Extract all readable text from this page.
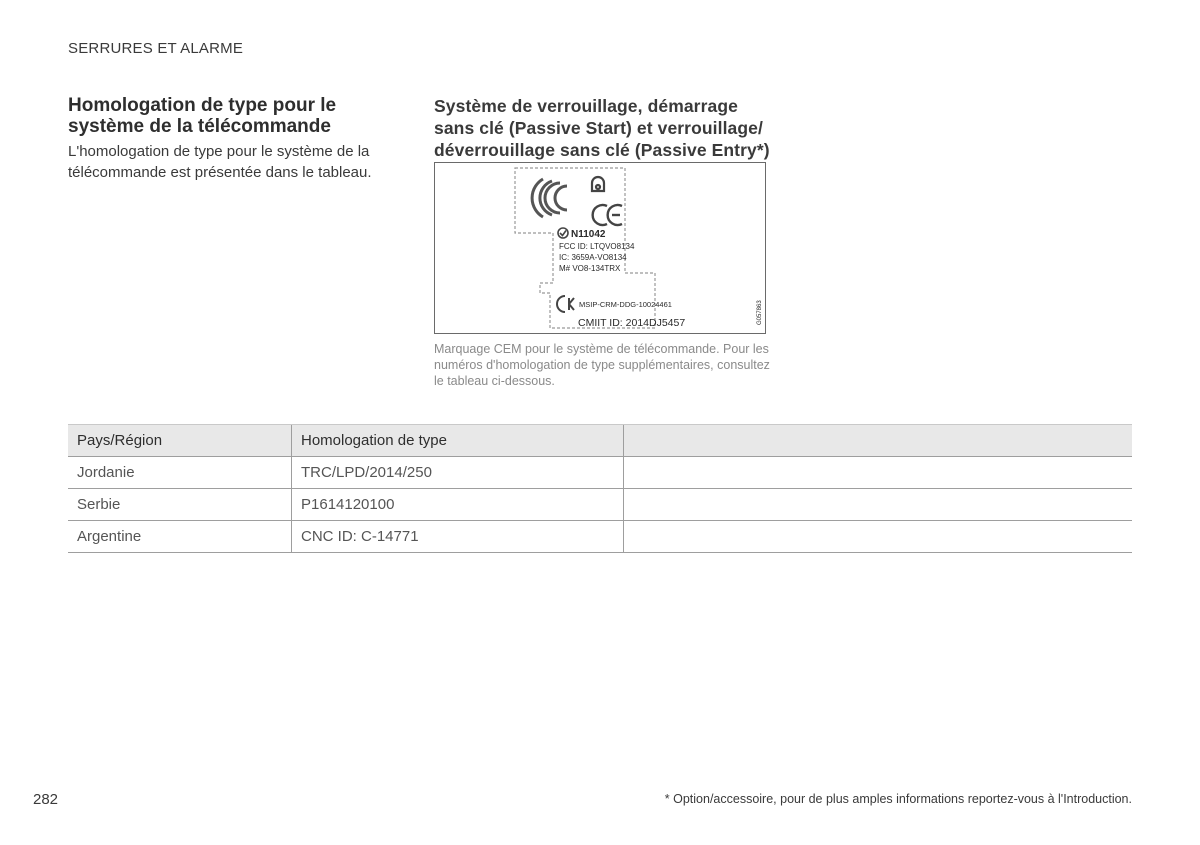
SERRURES ET ALARME
Homologation de type pour le système de la télécommande
L'homologation de type pour le système de la télécommande est présentée dans le tableau.
Système de verrouillage, démarrage sans clé (Passive Start) et verrouillage/ déverrouillage sans clé (Passive Entry*)
N11042
FCC ID: LTQVO8134
IC: 3659A-VO8134
M# VO8-134TRX
MSIP-CRM-DDG-10024461
CMIIT ID: 2014DJ5457	G057863
Marquage CEM pour le système de télécommande. Pour les numéros d'homologation de type supplémentaires, consultez le tableau ci-dessous.
Pays/Région	Homologation de type	
Jordanie	TRC/LPD/2014/250	
Serbie	P1614120100	
Argentine	CNC ID: C-14771	
282	* Option/accessoire, pour de plus amples informations reportez-vous à l'Introduction.
